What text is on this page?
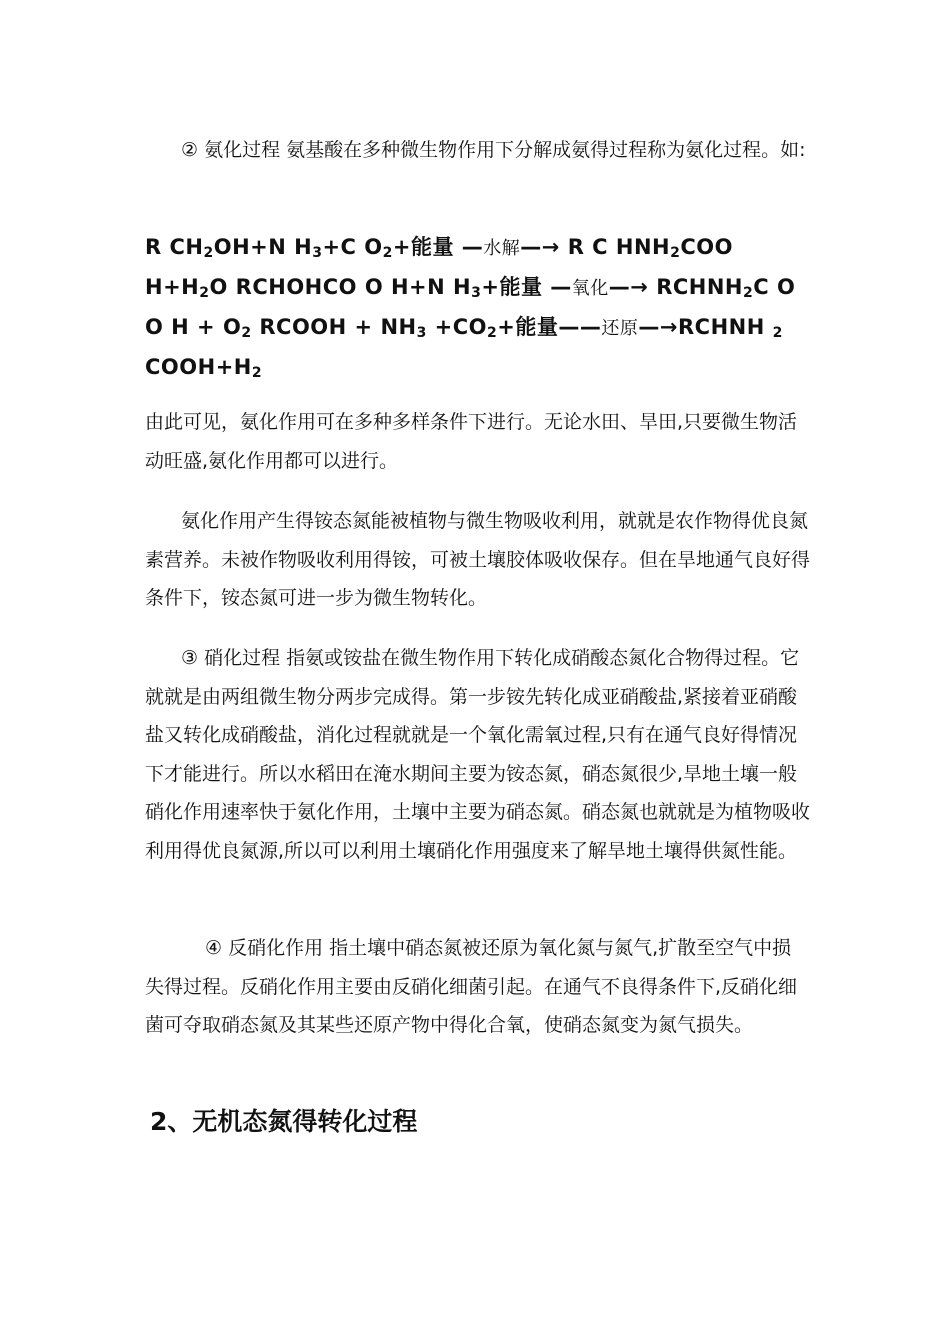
② 氨化过程 氨基酸在多种微生物作用下分解成氨得过程称为氨化过程。如:

R $CH_2OH+N$ $H_3+C$ $O_2+$能量 —水解—→ R C $HNH_2COO$ $H+H_2O$ RCHOHCO O H+N $H_3+$能量 —氧化—→ $RCHNH_2C$ O O $H + O_2$ RCOOH + $NH_3 +CO_2+$能量——还原—→RCHNH $_2$ $COOH+H_2$

由此可见，氨化作用可在多种多样条件下进行。无论水田、旱田,只要微生物活动旺盛,氨化作用都可以进行。

氨化作用产生得铵态氮能被植物与微生物吸收利用，就就是农作物得优良氮素营养。未被作物吸收利用得铵，可被土壤胶体吸收保存。但在旱地通气良好得条件下，铵态氮可进一步为微生物转化。

③ 硝化过程 指氨或铵盐在微生物作用下转化成硝酸态氮化合物得过程。它就就是由两组微生物分两步完成得。第一步铵先转化成亚硝酸盐,紧接着亚硝酸盐又转化成硝酸盐，消化过程就就是一个氧化需氧过程,只有在通气良好得情况下才能进行。所以水稻田在淹水期间主要为铵态氮，硝态氮很少,旱地土壤一般硝化作用速率快于氨化作用，土壤中主要为硝态氮。硝态氮也就就是为植物吸收利用得优良氮源,所以可以利用土壤硝化作用强度来了解旱地土壤得供氮性能。

④ 反硝化作用 指土壤中硝态氮被还原为氧化氮与氮气,扩散至空气中损失得过程。反硝化作用主要由反硝化细菌引起。在通气不良得条件下,反硝化细菌可夺取硝态氮及其某些还原产物中得化合氧，使硝态氮变为氮气损失。

2、无机态氮得转化过程
